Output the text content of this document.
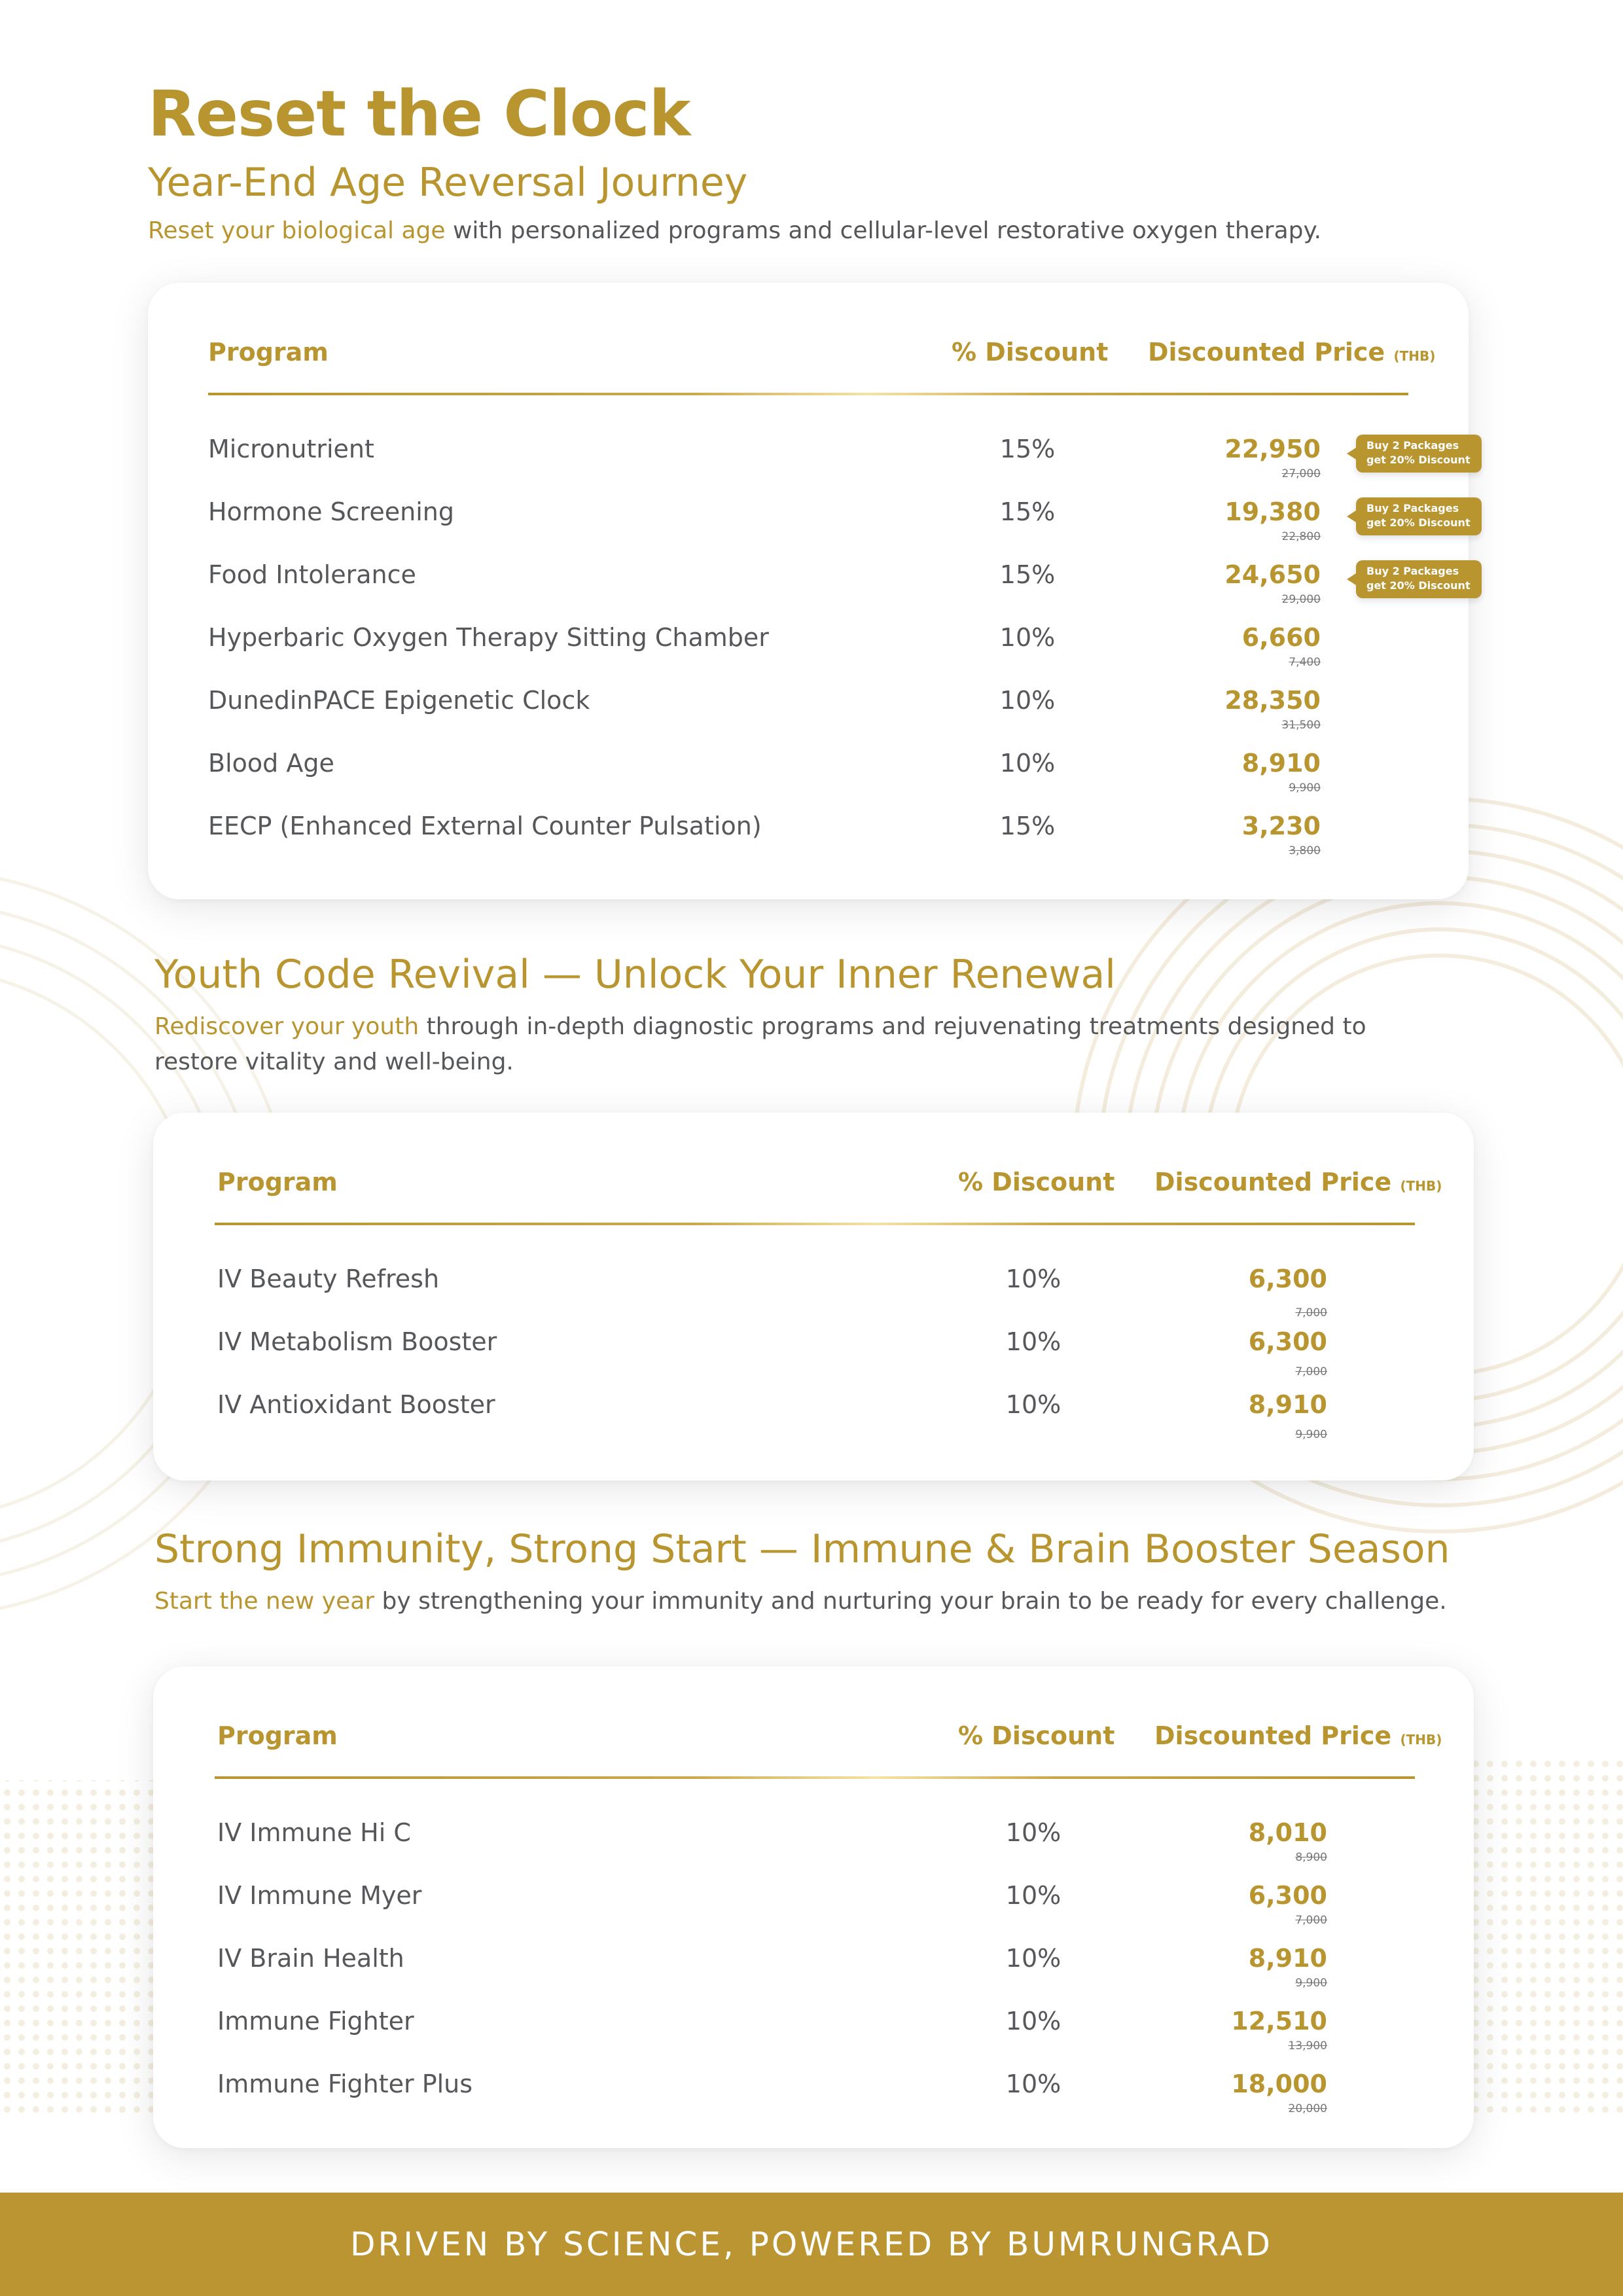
Reset the Clock
Year-End Age Reversal Journey

Reset your biological age with personalized programs and cellular-level restorative oxygen therapy.

Program	% Discount Discounted Price (THB)
Micronutrient	15%	22,950
27,000
Hormone Screening	15%	19,380
22,800
Food Intolerance	15%	24,650
29,000
Hyperbaric Oxygen Therapy Sitting Chamber	10%	6,660
7,400
DunedinPACE Epigenetic Clock	10%	28,350
31,500
Blood Age	10%	8,910
9,900
EECP (Enhanced External Counter Pulsation)	15%	3,230
3,800
Buy 2 Packages
get 20% Discount
Buy 2 Packages
get 20% Discount
Buy 2 Packages
get 20% Discount
Youth Code Revival — Unlock Your Inner Renewal

Rediscover your youth through in-depth diagnostic programs and rejuvenating treatments designed to
restore vitality and well-being.

Program	% Discount Discounted Price (THB)
IV Beauty Refresh	10%	6,300
7,000
IV Metabolism Booster	10%	6,300
7,000
IV Antioxidant Booster	10%	8,910
9,900
Strong Immunity, Strong Start — Immune & Brain Booster Season

Start the new year by strengthening your immunity and nurturing your brain to be ready for every challenge.

Program	% Discount Discounted Price (THB)
IV Immune Hi C	10%	8,010
8,900
IV Immune Myer	10%	6,300
7,000
IV Brain Health	10%	8,910
9,900
Immune Fighter	10%	12,510
13,900
Immune Fighter Plus	10%	18,000
20,000
DRIVEN BY SCIENCE, POWERED BY BUMRUNGRAD
